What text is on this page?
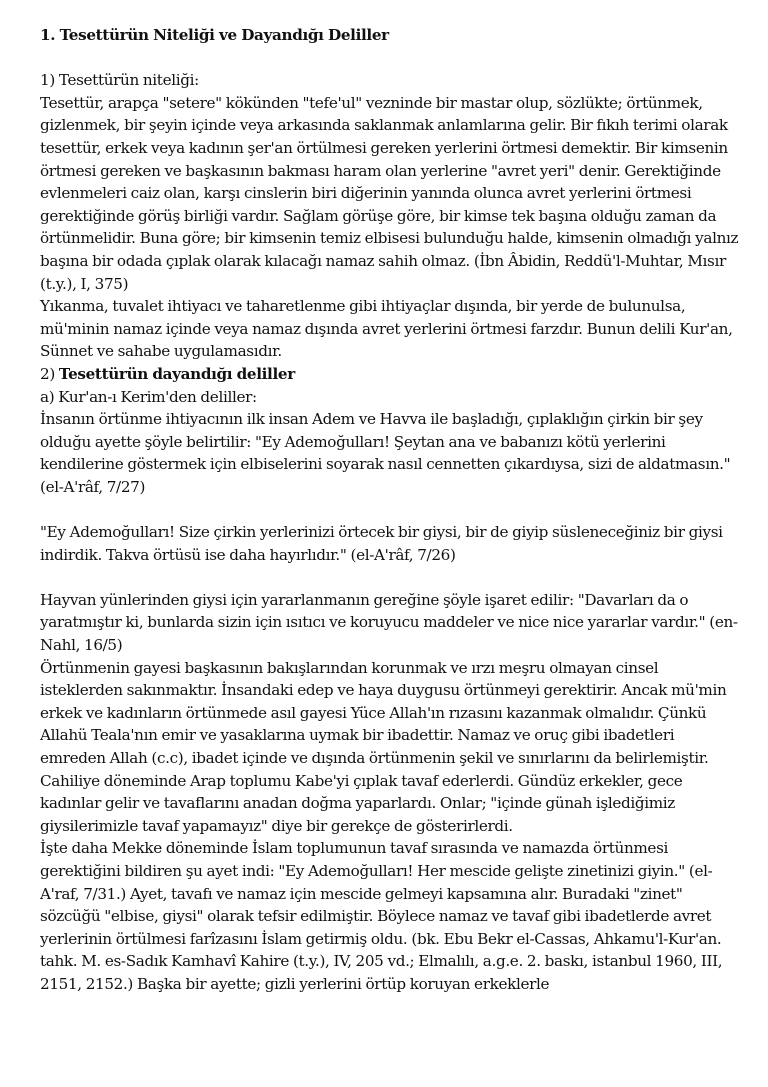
1. Tesettürün Niteliği ve Dayandığı Deliller

1) Tesettürün niteliği:

Tesettür, arapça "setere" kökünden "tefe'ul" vezninde bir mastar olup, sözlükte; örtünmek, gizlenmek, bir şeyin içinde veya arkasında saklanmak anlamlarına gelir. Bir fıkıh terimi olarak tesettür, erkek veya kadının şer'an örtülmesi gereken yerlerini örtmesi demektir. Bir kimsenin örtmesi gereken ve başkasının bakması haram olan yerlerine "avret yeri" denir. Gerektiğinde evlenmeleri caiz olan, karşı cinslerin biri diğerinin yanında olunca avret yerlerini örtmesi gerektiğinde görüş birliği vardır. Sağlam görüşe göre, bir kimse tek başına olduğu zaman da örtünmelidir. Buna göre; bir kimsenin temiz elbisesi bulunduğu halde, kimsenin olmadığı yalnız başına bir odada çıplak olarak kılacağı namaz sahih olmaz. (İbn Âbidin, Reddü'l-Muhtar, Mısır (t.y.), I, 375)

Yıkanma, tuvalet ihtiyacı ve taharetlenme gibi ihtiyaçlar dışında, bir yerde de bulunulsa, mü'minin namaz içinde veya namaz dışında avret yerlerini örtmesi farzdır. Bunun delili Kur'an, Sünnet ve sahabe uygulamasıdır.

2) Tesettürün dayandığı deliller

a) Kur'an-ı Kerim'den deliller:

İnsanın örtünme ihtiyacının ilk insan Adem ve Havva ile başladığı, çıplaklığın çirkin bir şey olduğu ayette şöyle belirtilir: "Ey Ademoğulları! Şeytan ana ve babanızı kötü yerlerini kendilerine göstermek için elbiselerini soyarak nasıl cennetten çıkardıysa, sizi de aldatmasın." (el-A'râf, 7/27)

"Ey Ademoğulları! Size çirkin yerlerinizi örtecek bir giysi, bir de giyip süsleneceğiniz bir giysi indirdik. Takva örtüsü ise daha hayırlıdır." (el-A'râf, 7/26)

Hayvan yünlerinden giysi için yararlanmanın gereğine şöyle işaret edilir: "Davarları da o yaratmıştır ki, bunlarda sizin için ısıtıcı ve koruyucu maddeler ve nice nice yararlar vardır." (en-Nahl, 16/5)

Örtünmenin gayesi başkasının bakışlarından korunmak ve ırzı meşru olmayan cinsel isteklerden sakınmaktır. İnsandaki edep ve haya duygusu örtünmeyi gerektirir. Ancak mü'min erkek ve kadınların örtünmede asıl gayesi Yüce Allah'ın rızasını kazanmak olmalıdır. Çünkü Allahü Teala'nın emir ve yasaklarına uymak bir ibadettir. Namaz ve oruç gibi ibadetleri emreden Allah (c.c), ibadet içinde ve dışında örtünmenin şekil ve sınırlarını da belirlemiştir.

Cahiliye döneminde Arap toplumu Kabe'yi çıplak tavaf ederlerdi. Gündüz erkekler, gece kadınlar gelir ve tavaflarını anadan doğma yaparlardı. Onlar; "içinde günah işlediğimiz giysilerimizle tavaf yapamayız" diye bir gerekçe de gösterirlerdi.

İşte daha Mekke döneminde İslam toplumunun tavaf sırasında ve namazda örtünmesi gerektiğini bildiren şu ayet indi: "Ey Ademoğulları! Her mescide gelişte zinetinizi giyin." (el-A'raf, 7/31.) Ayet, tavafı ve namaz için mescide gelmeyi kapsamına alır. Buradaki "zinet" sözcüğü "elbise, giysi" olarak tefsir edilmiştir. Böylece namaz ve tavaf gibi ibadetlerde avret yerlerinin örtülmesi farîzasını İslam getirmiş oldu. (bk. Ebu Bekr el-Cassas, Ahkamu'l-Kur'an. tahk. M. es-Sadık Kamhavî Kahire (t.y.), IV, 205 vd.; Elmalılı, a.g.e. 2. baskı, istanbul 1960, III, 2151, 2152.) Başka bir ayette; gizli yerlerini örtüp koruyan erkeklerle
